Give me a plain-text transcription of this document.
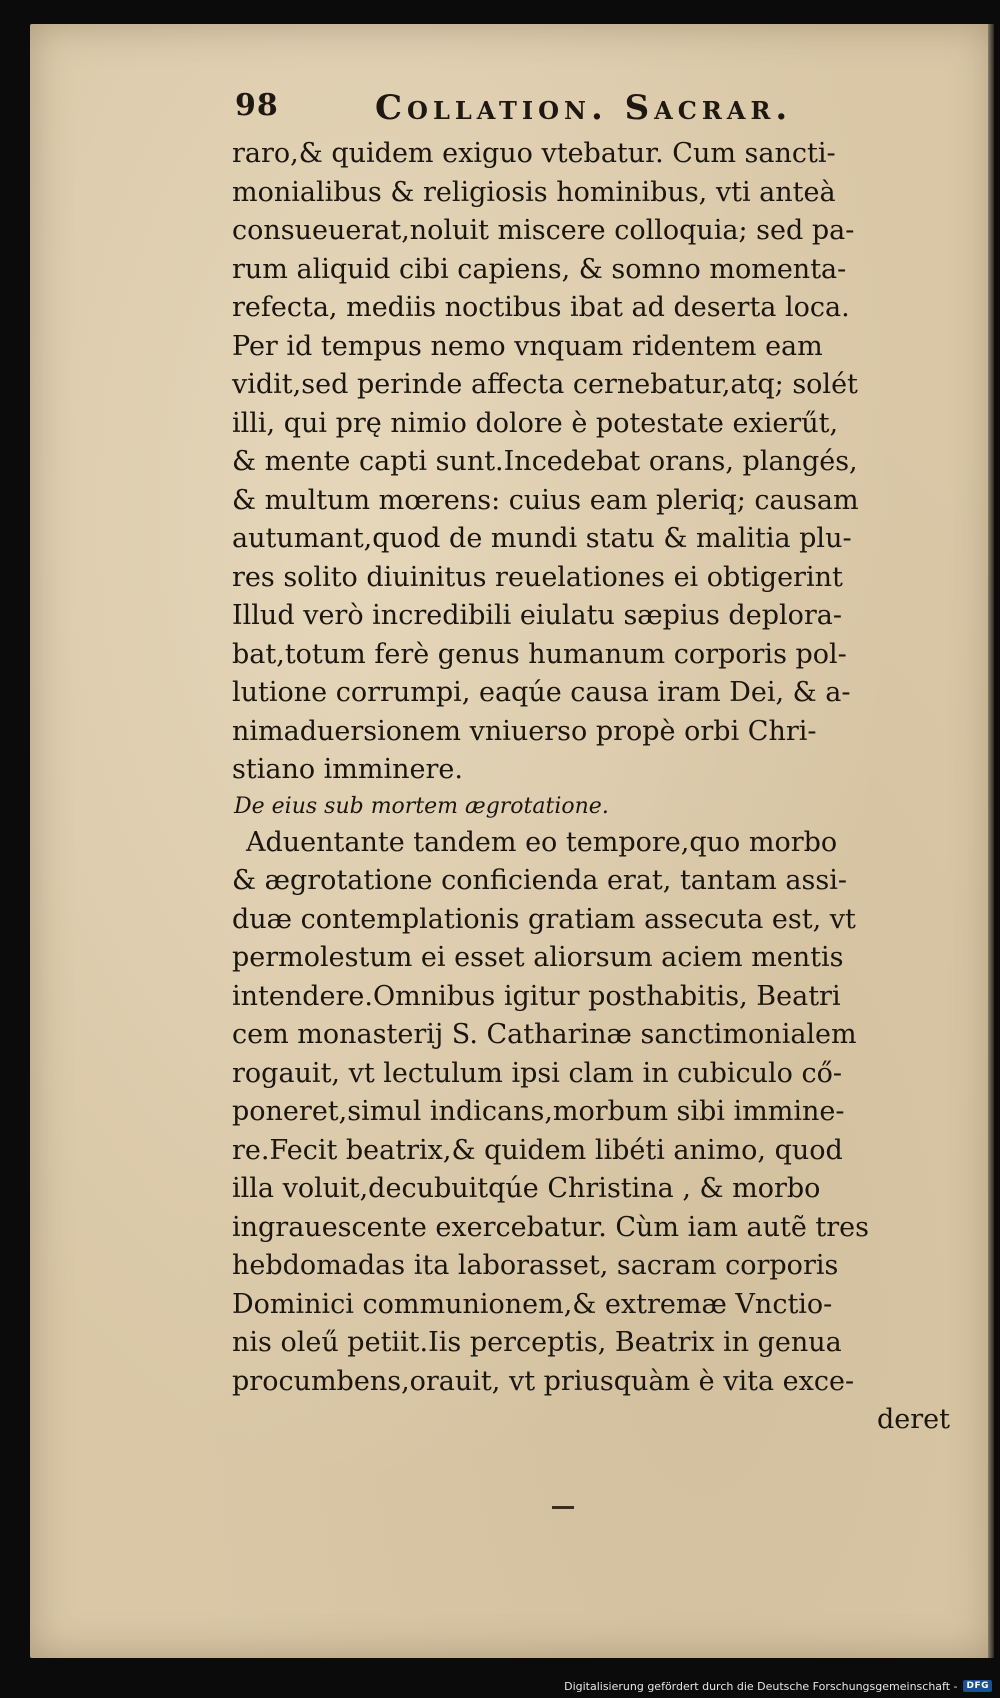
98	Collation. Sacrar.
raro,& quidem exiguo vtebatur. Cum sancti-
monialibus & religiosis hominibus, vti anteà
consueuerat,noluit miscere colloquia; sed pa-
rum aliquid cibi capiens, & somno momenta-
refecta, mediis noctibus ibat ad deserta loca.
Per id tempus nemo vnquam ridentem eam
vidit,sed perinde affecta cernebatur,atq; solét
illi, qui prę nimio dolore è potestate exierűt,
& mente capti sunt.Incedebat orans, plangés,
& multum mœrens: cuius eam pleriq; causam
autumant,quod de mundi statu & malitia plu-
res solito diuinitus reuelationes ei obtigerint
Illud verò incredibili eiulatu sæpius deplora-
bat,totum ferè genus humanum corporis pol-
lutione corrumpi, eaqúe causa iram Dei, & a-
nimaduersionem vniuerso propè orbi Chri-
stiano imminere.
De eius sub mortem ægrotatione.
Aduentante tandem eo tempore,quo morbo
& ægrotatione conficienda erat, tantam assi-
duæ contemplationis gratiam assecuta est, vt
permolestum ei esset aliorsum aciem mentis
intendere.Omnibus igitur posthabitis, Beatri
cem monasterij S. Catharinæ sanctimonialem
rogauit, vt lectulum ipsi clam in cubiculo cő-
poneret,simul indicans,morbum sibi immine-
re.Fecit beatrix,& quidem libéti animo, quod
illa voluit,decubuitqúe Christina , & morbo
ingrauescente exercebatur. Cùm iam autẽ tres
hebdomadas ita laborasset, sacram corporis
Dominici communionem,& extremæ Vnctio-
nis oleű petiit.Iis perceptis, Beatrix in genua
procumbens,orauit, vt priusquàm è vita exce-
deret
Digitalisierung gefördert durch die Deutsche Forschungsgemeinschaft -	DFG
